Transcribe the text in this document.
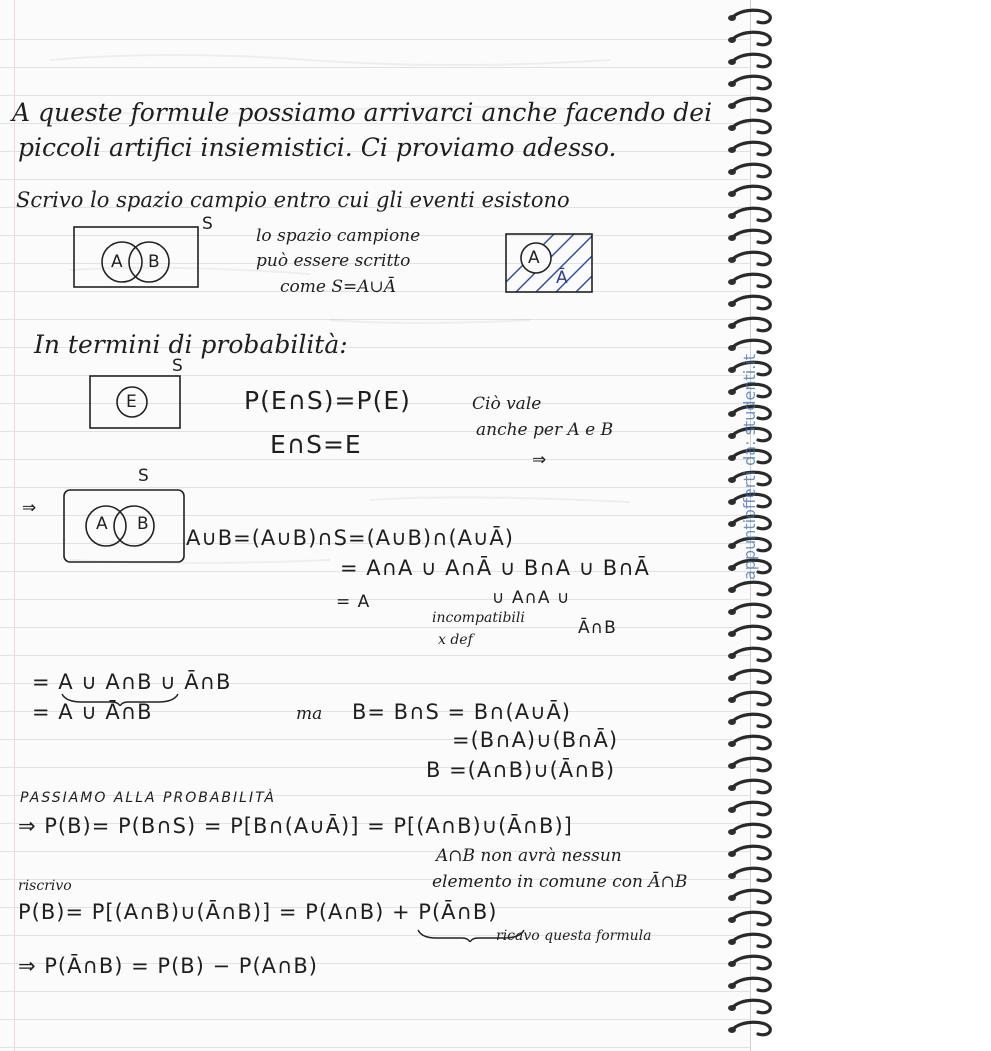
A queste formule possiamo arrivarci anche facendo dei
piccoli artifici insiemistici. Ci proviamo adesso.
Scrivo lo spazio campio entro cui gli eventi esistono
S
A B
lo spazio campione
può essere scritto
come S=A∪Ā
A
Ā
In termini di probabilità:
S
E	P(E∩S)=P(E)
E∩S=E
Ciò vale
anche per A e B
⇒
⇒
S
A B
A∪B=(A∪B)∩S=(A∪B)∩(A∪Ā)
= A∩A ∪ A∩Ā ∪ B∩A ∪ B∩Ā
= A	∪ A∩A ∪
incompatibili
x def
Ā∩B
= A ∪ A∩B ∪ Ā∩B
= A ∪ Ā∩B	ma B= B∩S = B∩(A∪Ā)
=(B∩A)∪(B∩Ā)
B =(A∩B)∪(Ā∩B)
PASSIAMO ALLA PROBABILITÀ
⇒ P(B)= P(B∩S) = P[B∩(A∪Ā)] = P[(A∩B)∪(Ā∩B)]
A∩B non avrà nessun
elemento in comune con Ā∩B
riscrivo
P(B)= P[(A∩B)∪(Ā∩B)] = P(A∩B) + P(Ā∩B)
ricavo questa formula
⇒ P(Ā∩B) = P(B) − P(A∩B)
appuntiofferti da: studenti.it
